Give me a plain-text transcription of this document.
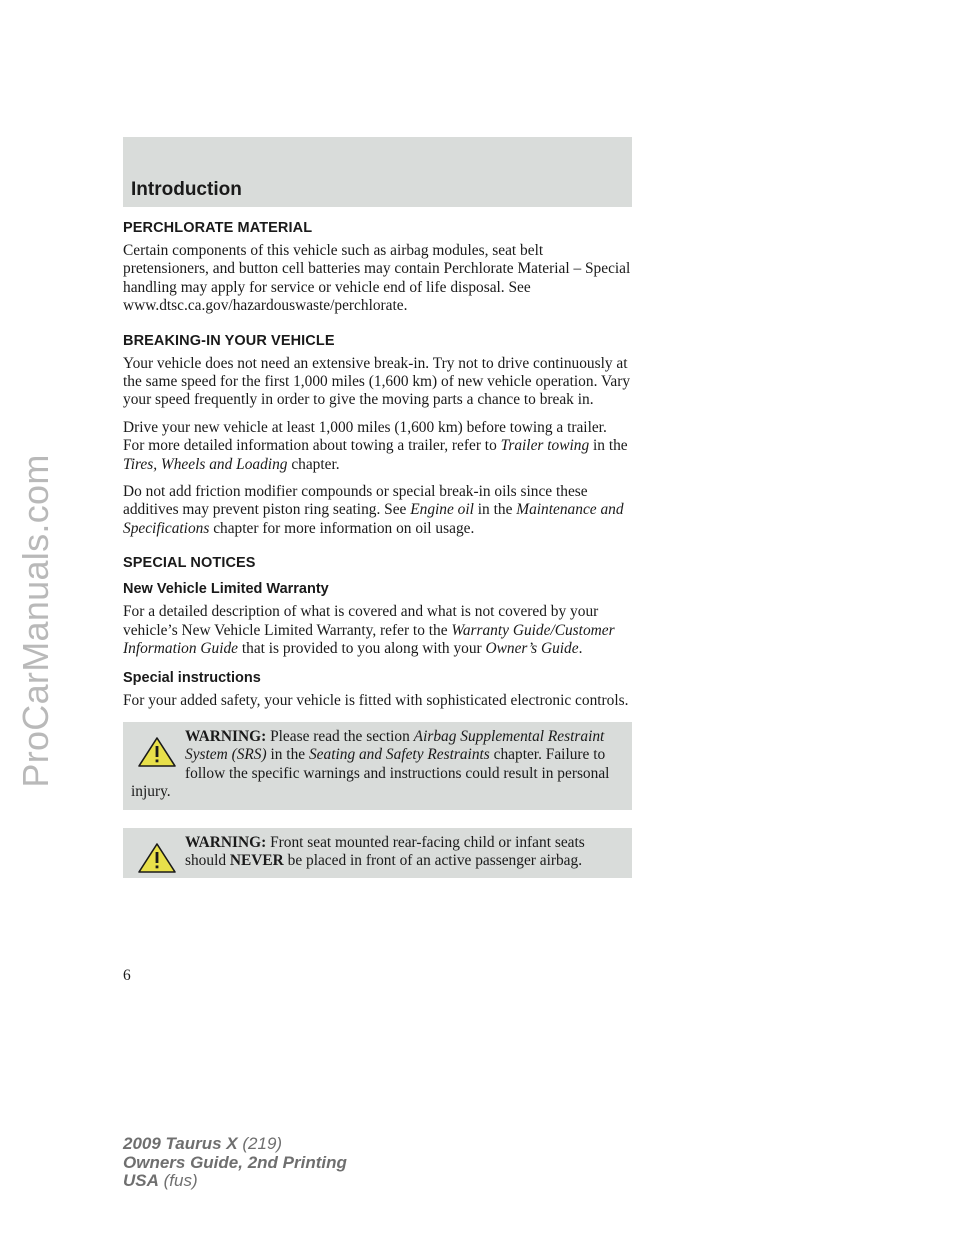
ProCarManuals.com
Introduction
PERCHLORATE MATERIAL

Certain components of this vehicle such as airbag modules, seat belt pretensioners, and button cell batteries may contain Perchlorate Material – Special handling may apply for service or vehicle end of life disposal. See www.dtsc.ca.gov/hazardouswaste/perchlorate.

BREAKING-IN YOUR VEHICLE

Your vehicle does not need an extensive break-in. Try not to drive continuously at the same speed for the first 1,000 miles (1,600 km) of new vehicle operation. Vary your speed frequently in order to give the moving parts a chance to break in.

Drive your new vehicle at least 1,000 miles (1,600 km) before towing a trailer. For more detailed information about towing a trailer, refer to Trailer towing in the Tires, Wheels and Loading chapter.

Do not add friction modifier compounds or special break-in oils since these additives may prevent piston ring seating. See Engine oil in the Maintenance and Specifications chapter for more information on oil usage.

SPECIAL NOTICES
New Vehicle Limited Warranty

For a detailed description of what is covered and what is not covered by your vehicle’s New Vehicle Limited Warranty, refer to the Warranty Guide/Customer Information Guide that is provided to you along with your Owner’s Guide.

Special instructions

For your added safety, your vehicle is fitted with sophisticated electronic controls.

WARNING: Please read the section Airbag Supplemental Restraint System (SRS) in the Seating and Safety Restraints chapter. Failure to follow the specific warnings and instructions could result in personal injury.
WARNING: Front seat mounted rear-facing child or infant seats should NEVER be placed in front of an active passenger airbag.
6
2009 Taurus X (219)
Owners Guide, 2nd Printing
USA (fus)
